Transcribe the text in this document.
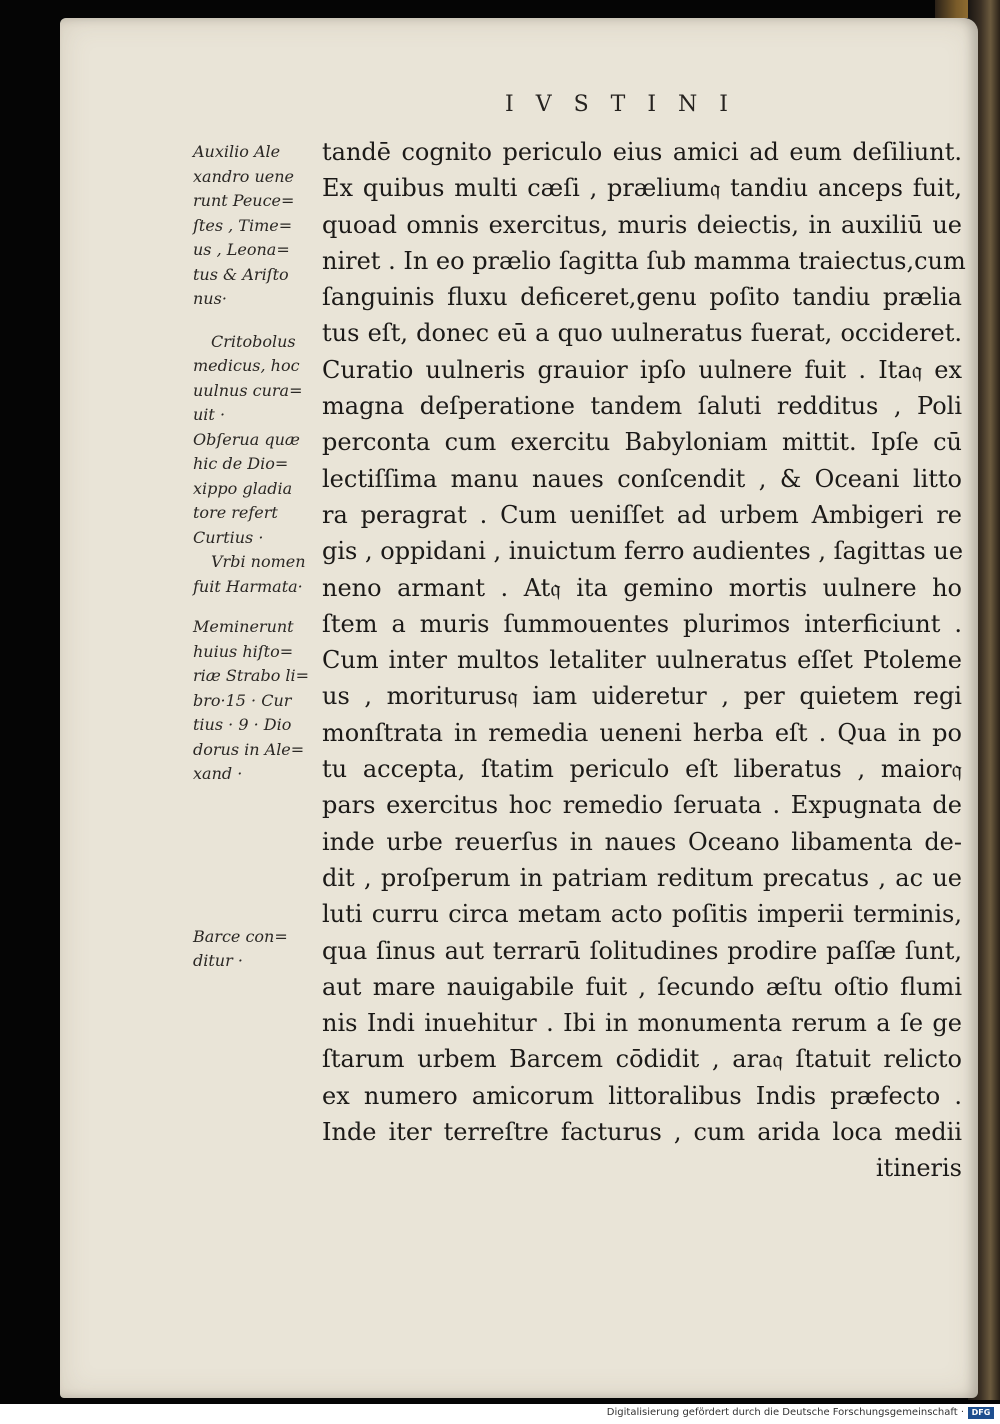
IVSTINI
Auxilio Ale
xandro uene
runt Peuce=
ſtes , Time=
us , Leona=
tus & Ariſto
nus·
Critobolus
medicus, hoc
uulnus cura=
uit ·
Obſerua quæ
hic de Dio=
xippo gladia
tore refert
Curtius ·
Vrbi nomen
fuit Harmata·
Meminerunt
huius hiſto=
riæ Strabo li=
bro·15 · Cur
tius · 9 · Dio
dorus in Ale=
xand ·
Barce con=
ditur ·
tandē cognito periculo eius amici ad eum deſiliunt.
Ex quibus multi cæſi , prælium𝔮 tandiu anceps fuit,
quoad omnis exercitus, muris deiectis, in auxiliū ue
niret . In eo prælio ſagitta ſub mamma traiectus,cum
ſanguinis fluxu deficeret,genu poſito tandiu prælia
tus eſt, donec eū a quo uulneratus fuerat, occideret.
Curatio uulneris grauior ipſo uulnere fuit . Ita𝔮 ex
magna deſperatione tandem ſaluti redditus , Poli
perconta cum exercitu Babyloniam mittit. Ipſe cū
lectiſſima manu naues conſcendit , & Oceani litto
ra peragrat . Cum ueniſſet ad urbem Ambigeri re
gis , oppidani , inuictum ferro audientes , ſagittas ue
neno armant . At𝔮 ita gemino mortis uulnere ho
ſtem a muris ſummouentes plurimos interficiunt .
Cum inter multos letaliter uulneratus eſſet Ptoleme
us , moriturus𝔮 iam uideretur , per quietem regi
monſtrata in remedia ueneni herba eſt . Qua in po
tu accepta, ſtatim periculo eſt liberatus , maior𝔮
pars exercitus hoc remedio ſeruata . Expugnata de
inde urbe reuerſus in naues Oceano libamenta de-
dit , proſperum in patriam reditum precatus , ac ue
luti curru circa metam acto poſitis imperii terminis,
qua ſinus aut terrarū ſolitudines prodire paſſæ ſunt,
aut mare nauigabile fuit , ſecundo æſtu oſtio flumi
nis Indi inuehitur . Ibi in monumenta rerum a ſe ge
ſtarum urbem Barcem cōdidit , ara𝔮 ſtatuit relicto
ex numero amicorum littoralibus Indis præfecto .
Inde iter terreſtre facturus , cum arida loca medii
itineris
Digitalisierung gefördert durch die Deutsche Forschungsgemeinschaft · DFG
